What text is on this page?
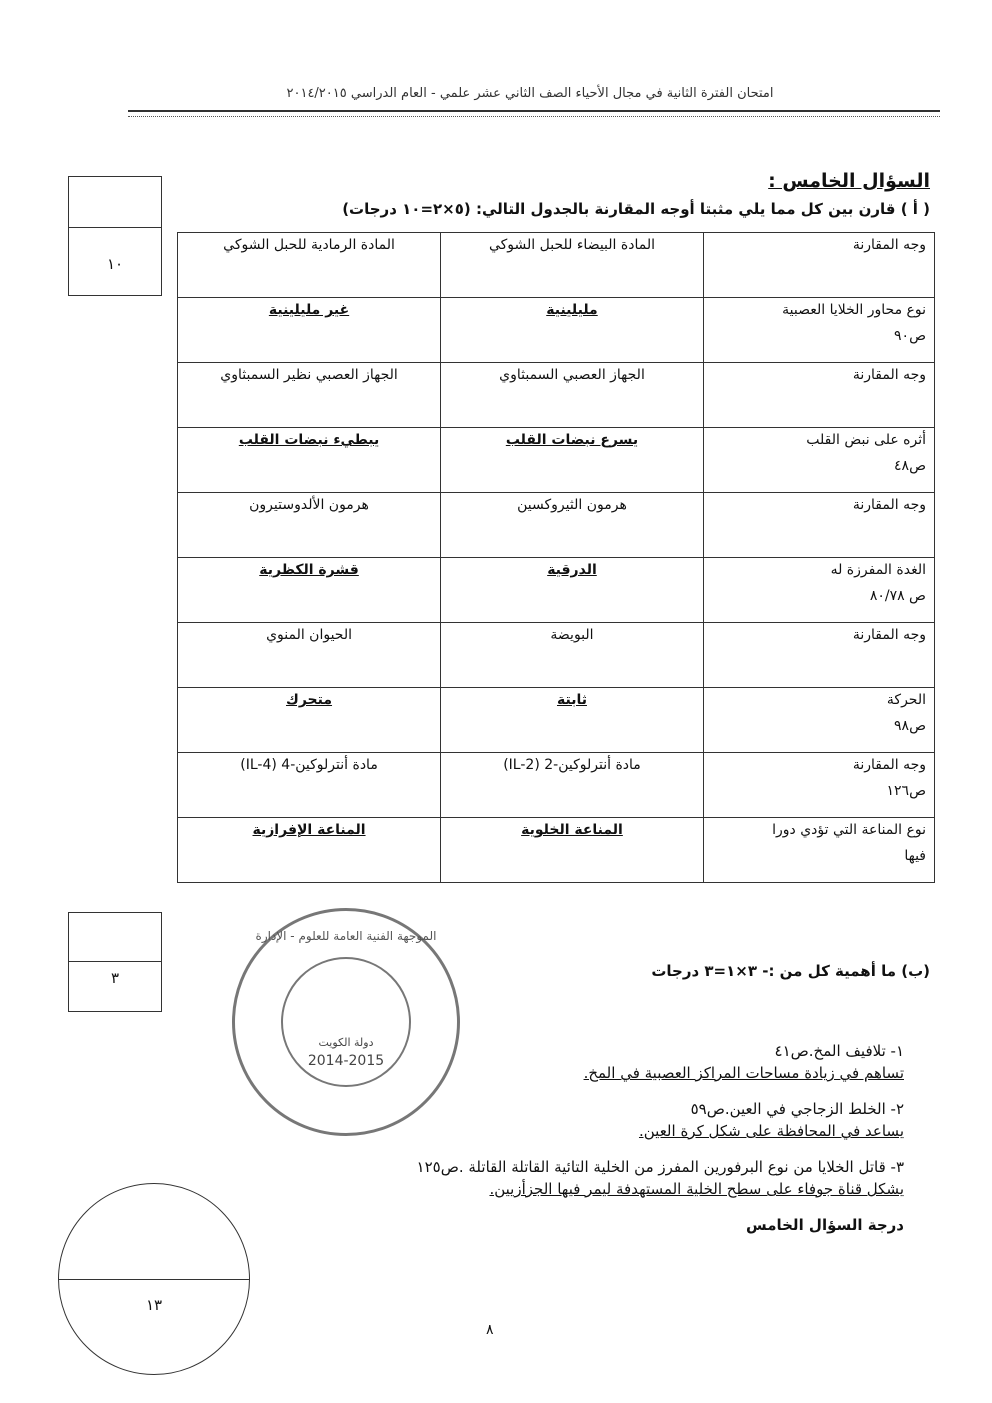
امتحان الفترة الثانية في مجال الأحياء الصف الثاني عشر علمي - العام الدراسي ٢٠١٤/٢٠١٥
السؤال الخامس :
( أ ) قارن بين كل مما يلي مثبتا أوجه المقارنة بالجدول التالي: (٥×٢=١٠ درجات)
١٠
وجه المقارنة	المادة البيضاء للحبل الشوكي	المادة الرمادية للحبل الشوكي

نوع محاور الخلايا العصبية
ص٩٠	مليلينية	غير مليلينية

وجه المقارنة	الجهاز العصبي السمبثاوي	الجهاز العصبي نظير السمبثاوي

أثره على نبض القلب
ص٤٨	يسرع نبضات القلب	يبطيء نبضات القلب

وجه المقارنة	هرمون الثيروكسين	هرمون الألدوستيرون

الغدة المفرزة له
ص ٨٠/٧٨	الدرقية	قشرة الكظرية

وجه المقارنة	البويضة	الحيوان المنوي

الحركة
ص٩٨	ثابتة	متحرك

وجه المقارنة
ص١٢٦	مادة أنترلوكين-2 (IL-2)	مادة أنترلوكين-4 (IL-4)

نوع المناعة التي تؤدي دورا
فيها	المناعة الخلوية	المناعة الإفرازية
(ب) ما أهمية كل من :- ٣×١=٣ درجات
٣
الموجهة الفنية العامة للعلوم - الإدارة
دولة الكويت
2014-2015
١- تلافيف المخ.ص٤١
تساهم في زيادة مساحات المراكز العصبية في المخ.
٢- الخلط الزجاجي في العين.ص٥٩
يساعد في المحافظة على شكل كرة العين.
٣- قاتل الخلايا من نوع البرفورين المفرز من الخلية التائية القاتلة القاتلة .ص١٢٥
يشكل قناة جوفاء على سطح الخلية المستهدفة ليمر فيها الجزأزيين.
درجة السؤال الخامس
١٣
٨
